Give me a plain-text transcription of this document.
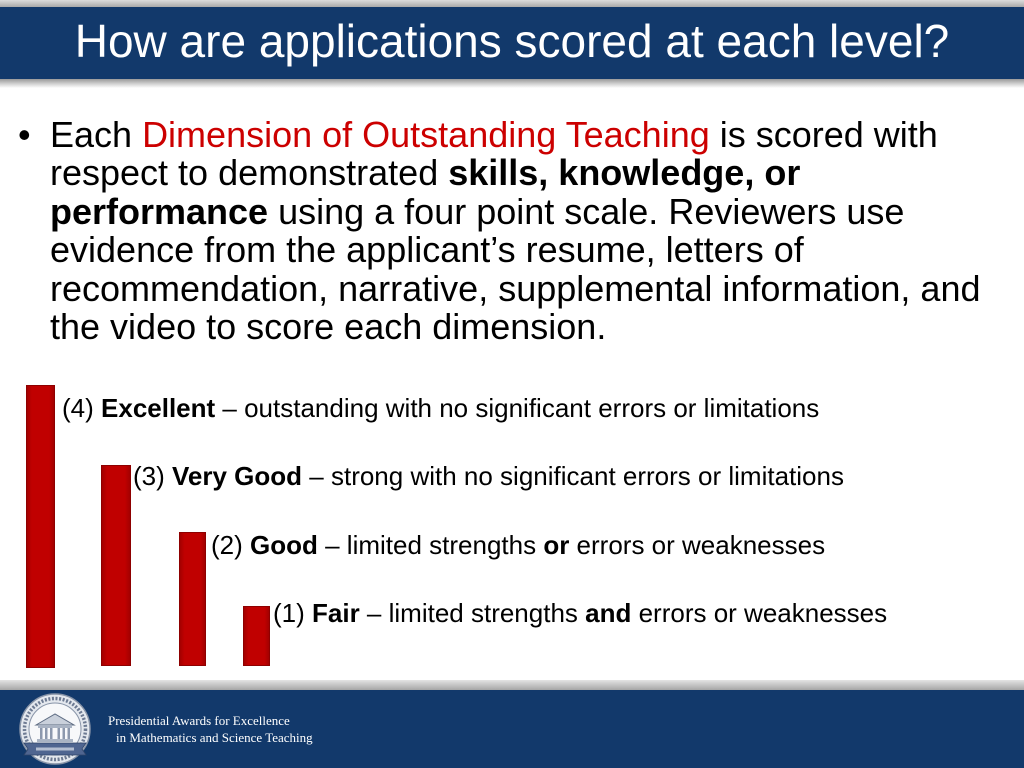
How are applications scored at each level?
• Each Dimension of Outstanding Teaching is scored with respect to demonstrated skills, knowledge, or performance using a four point scale. Reviewers use evidence from the applicant’s resume, letters of recommendation, narrative, supplemental information, and the video to score each dimension.

(4) Excellent – outstanding with no significant errors or limitations
(3) Very Good – strong with no significant errors or limitations
(2) Good – limited strengths or errors or weaknesses
(1) Fair – limited strengths and errors or weaknesses
Presidential Awards for Excellence
in Mathematics and Science Teaching
